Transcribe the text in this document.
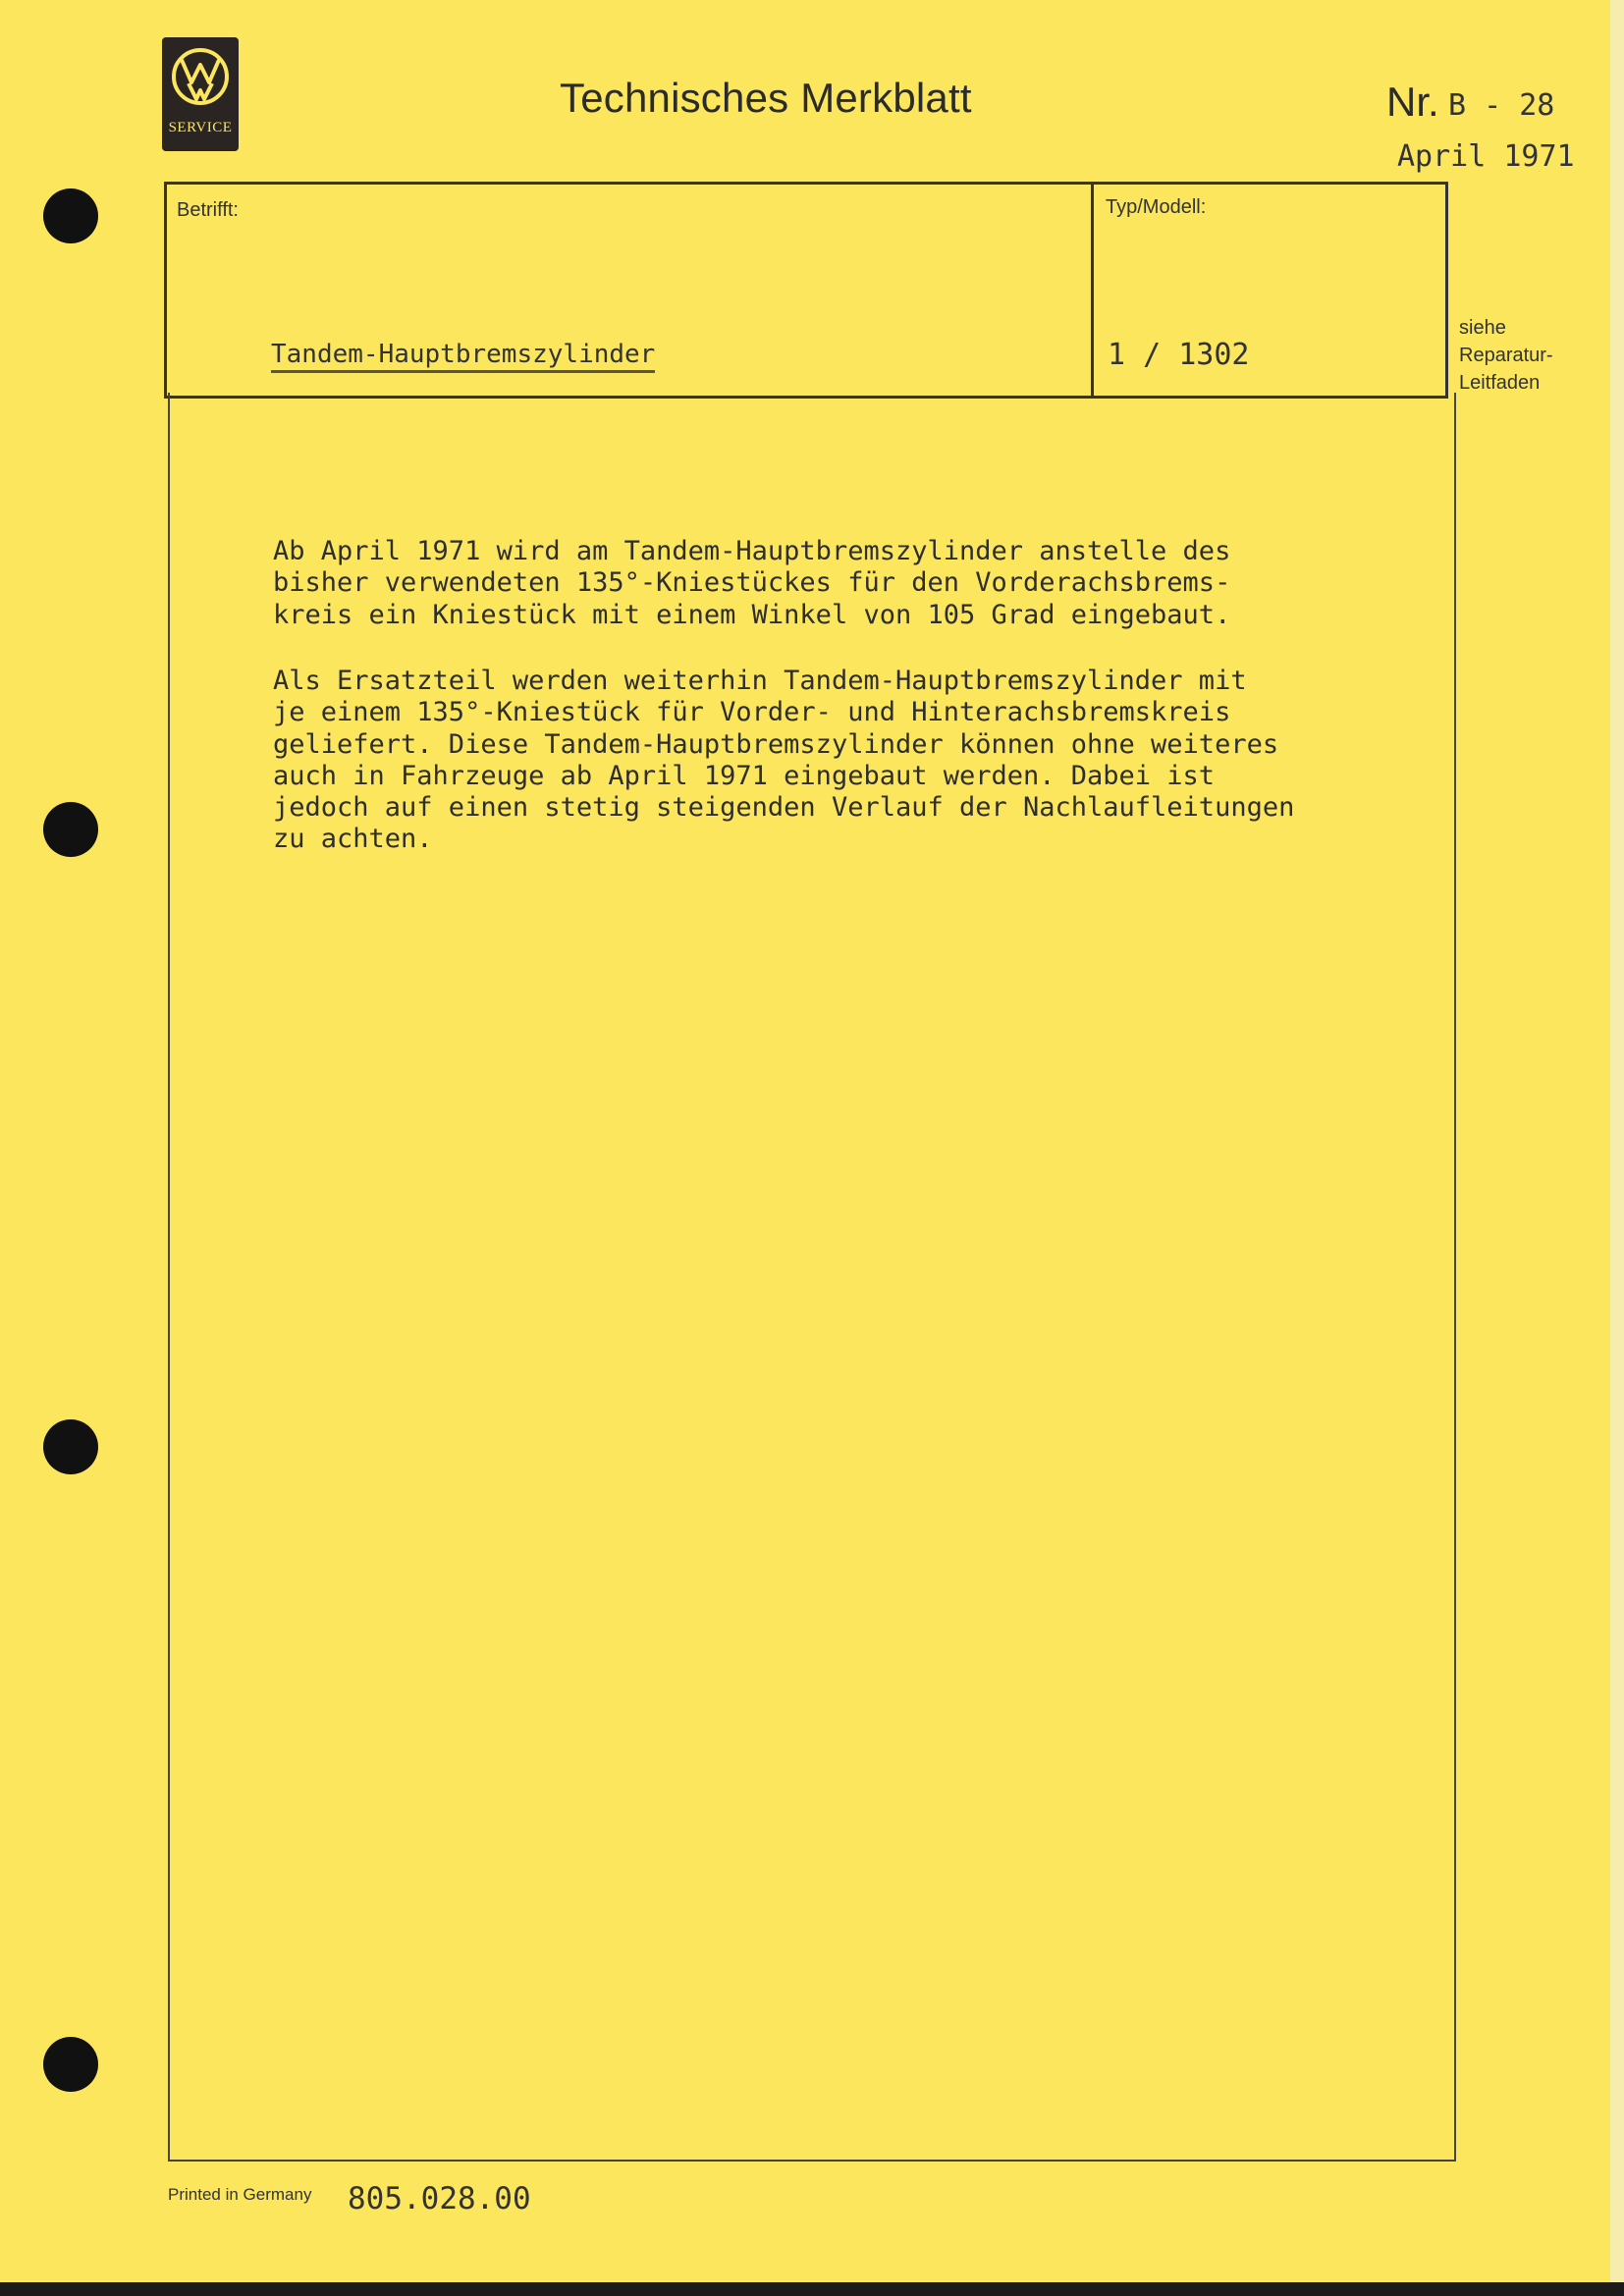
SERVICE
Technisches Merkblatt	Nr. B - 28
April 1971
Betrifft:	Typ/Modell:
Tandem-Hauptbremszylinder	1 / 1302
siehe
Reparatur-
Leitfaden
Ab April 1971 wird am Tandem-Hauptbremszylinder anstelle des
bisher verwendeten 135°-Kniestückes für den Vorderachsbrems-
kreis ein Kniestück mit einem Winkel von 105 Grad eingebaut.
Als Ersatzteil werden weiterhin Tandem-Hauptbremszylinder mit
je einem 135°-Kniestück für Vorder- und Hinterachsbremskreis
geliefert. Diese Tandem-Hauptbremszylinder können ohne weiteres
auch in Fahrzeuge ab April 1971 eingebaut werden. Dabei ist
jedoch auf einen stetig steigenden Verlauf der Nachlaufleitungen
zu achten.
Printed in Germany 805.028.00
